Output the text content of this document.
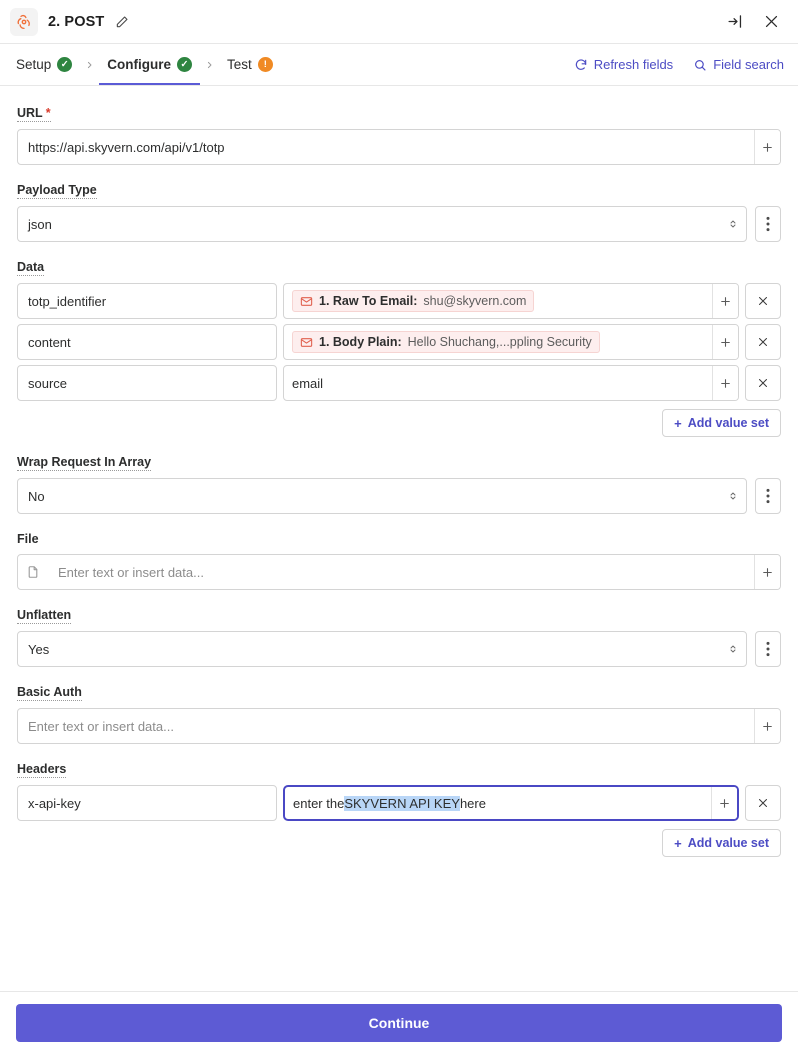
2. POST
Setup	✓	Configure	✓	Test	!	Refresh fields	Field search
URL *
https://api.skyvern.com/api/v1/totp
Payload Type
json
Data
totp_identifier	1. Raw To Email: shu@skyvern.com
content	1. Body Plain: Hello Shuchang,...ppling Security
source	email
+ Add value set
Wrap Request In Array
No
File
Enter text or insert data...
Unflatten
Yes
Basic Auth
Enter text or insert data...
Headers
x-api-key	enter the SKYVERN API KEY here
+ Add value set
Continue
